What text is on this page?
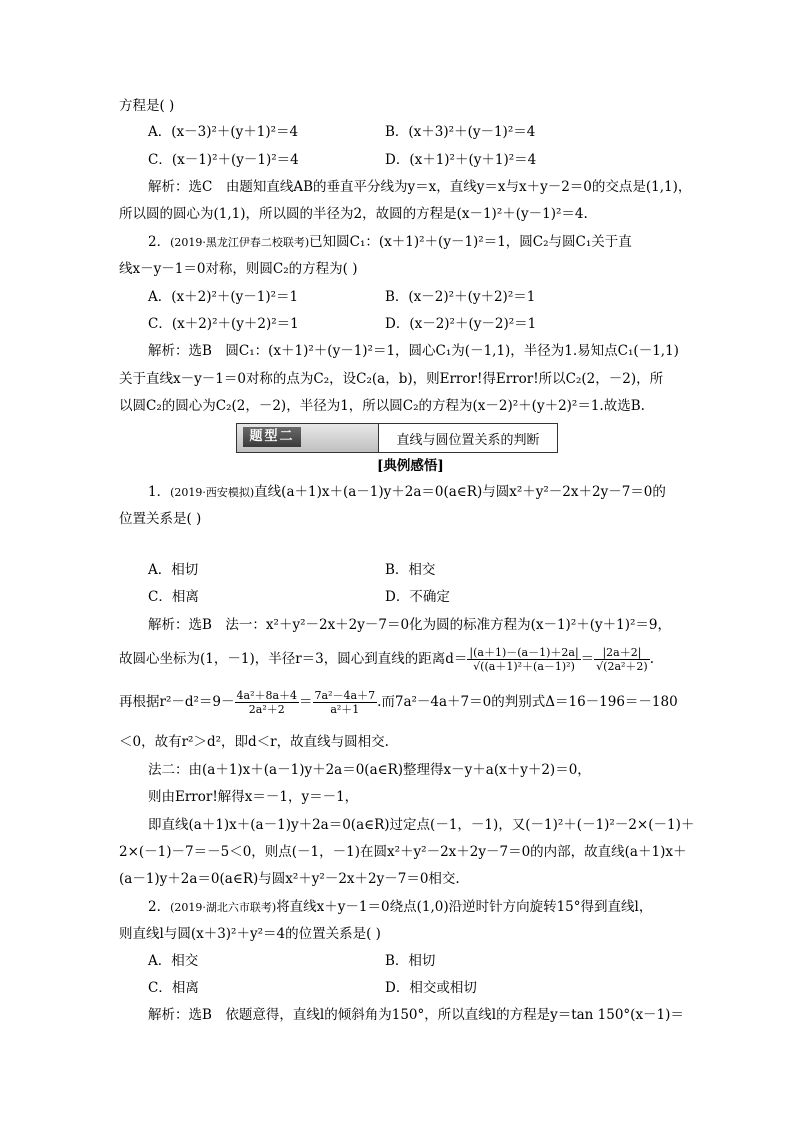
方程是( )
A．(x－3)²＋(y＋1)²＝4	B．(x＋3)²＋(y－1)²＝4
C．(x－1)²＋(y－1)²＝4	D．(x＋1)²＋(y＋1)²＝4
解析：选C　由题知直线AB的垂直平分线为y＝x，直线y＝x与x＋y－2＝0的交点是(1,1)，
所以圆的圆心为(1,1)，所以圆的半径为2，故圆的方程是(x－1)²＋(y－1)²＝4.
2．(2019·黑龙江伊春二校联考)已知圆C₁：(x＋1)²＋(y－1)²＝1，圆C₂与圆C₁关于直
线x－y－1＝0对称，则圆C₂的方程为( )
A．(x＋2)²＋(y－1)²＝1	B．(x－2)²＋(y＋2)²＝1
C．(x＋2)²＋(y＋2)²＝1	D．(x－2)²＋(y－2)²＝1
解析：选B　圆C₁：(x＋1)²＋(y－1)²＝1，圆心C₁为(－1,1)，半径为1.易知点C₁(－1,1)
关于直线x－y－1＝0对称的点为C₂，设C₂(a，b)，则Error!得Error!所以C₂(2，－2)，所
以圆C₂的圆心为C₂(2，－2)，半径为1，所以圆C₂的方程为(x－2)²＋(y＋2)²＝1.故选B.
题型二	直线与圆位置关系的判断
[典例感悟]
1．(2019·西安模拟)直线(a＋1)x＋(a－1)y＋2a＝0(a∈R)与圆x²＋y²－2x＋2y－7＝0的
位置关系是( )
A．相切	B．相交
C．相离	D．不确定
解析：选B　法一：x²＋y²－2x＋2y－7＝0化为圆的标准方程为(x－1)²＋(y＋1)²＝9，
故圆心坐标为(1，－1)，半径r＝3，圆心到直线的距离$d= \frac{|(a+1)-(a-1)+2a|}{\text{√((a＋1)²＋(a－1)²)}} = \frac{|2a+2|}{\text{√(2a²＋2)}}$ .
再根据$r^2-d^2=9- \frac{\text{4a²＋8a＋4}}{\text{2a²＋2}} = \frac{\text{7a²－4a＋7}}{\text{a²＋1}}$ .而7a²－4a＋7＝0的判别式Δ＝16－196＝－180
＜0，故有r²＞d²，即d＜r，故直线与圆相交.
法二：由(a＋1)x＋(a－1)y＋2a＝0(a∈R)整理得x－y＋a(x＋y＋2)＝0，
则由Error!解得x＝－1，y＝－1，
即直线(a＋1)x＋(a－1)y＋2a＝0(a∈R)过定点(－1，－1)，又(－1)²＋(－1)²－2×(－1)＋
2×(－1)－7＝－5＜0，则点(－1，－1)在圆x²＋y²－2x＋2y－7＝0的内部，故直线(a＋1)x＋
(a－1)y＋2a＝0(a∈R)与圆x²＋y²－2x＋2y－7＝0相交.
2．(2019·湖北六市联考)将直线x＋y－1＝0绕点(1,0)沿逆时针方向旋转15°得到直线l，
则直线l与圆(x＋3)²＋y²＝4的位置关系是( )
A．相交	B．相切
C．相离	D．相交或相切
解析：选B　依题意得，直线l的倾斜角为150°，所以直线l的方程是y＝tan 150°(x－1)＝
